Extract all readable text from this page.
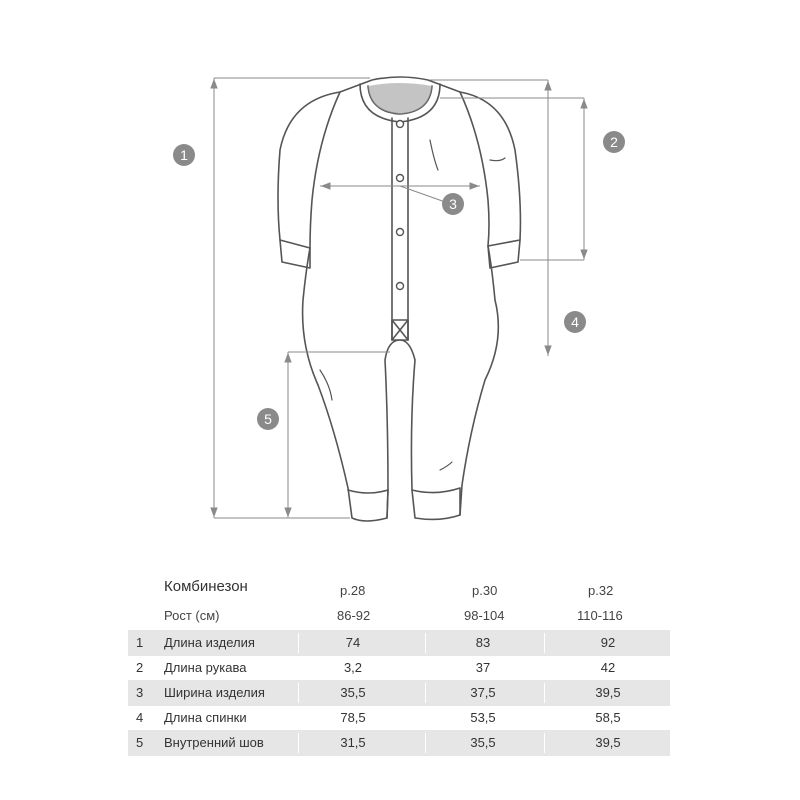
1
2
3
4
5
Комбинезон	р.28	р.30	р.32
Рост (см)	86-92	98-104	110-116
1 Длина изделия	74	83	92
2 Длина рукава	3,2	37	42
3 Ширина изделия	35,5	37,5	39,5
4 Длина спинки	78,5	53,5	58,5
5 Внутренний шов	31,5	35,5	39,5
